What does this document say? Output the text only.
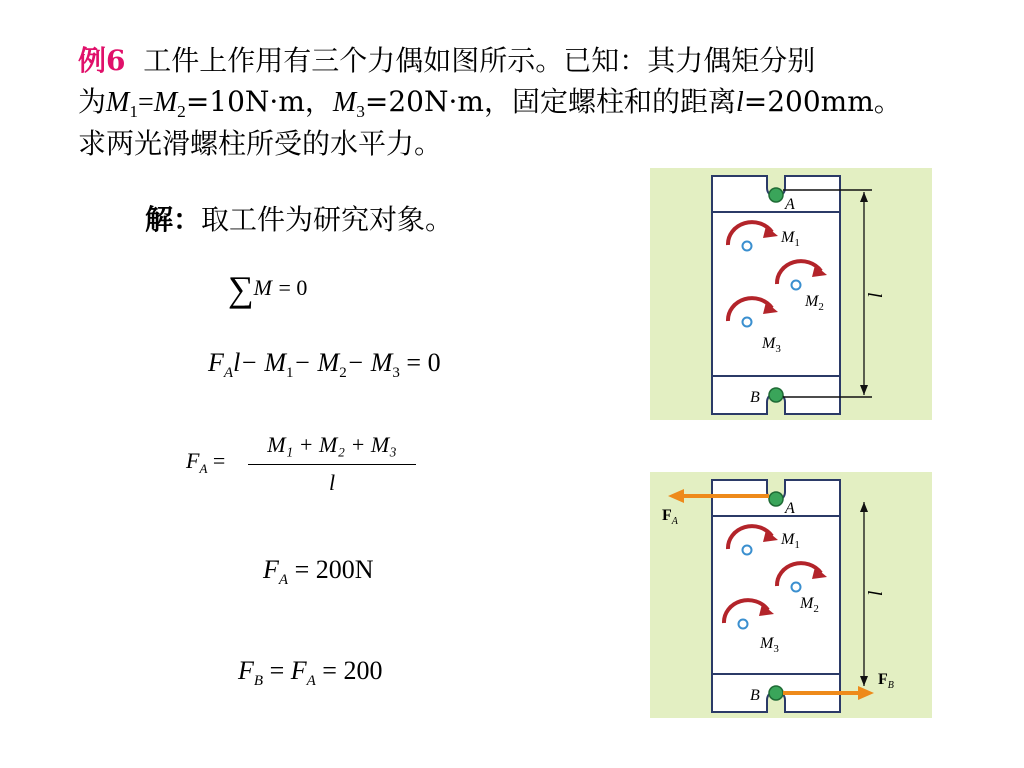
例6 工件上作用有三个力偶如图所示。已知：其力偶矩分别
为$M_1=M_2=10N\cdot m$，$M_3=20N\cdot m$，固定螺柱和的距离l=200mm。
求两光滑螺柱所受的水平力。
解：取工件为研究对象。
∑M = 0
$F_Al- M_1- M_2- M_3 = 0$
$F_A$ =
M₁ + M₂ + M₃
l
$F_A = 200N$
$F_B = F_A = 200$
A
B
l
$M_1$
$M_2$
$M_3$
$F_A$
$F_B$
A
B
l
$M_1$
$M_2$
$M_3$
